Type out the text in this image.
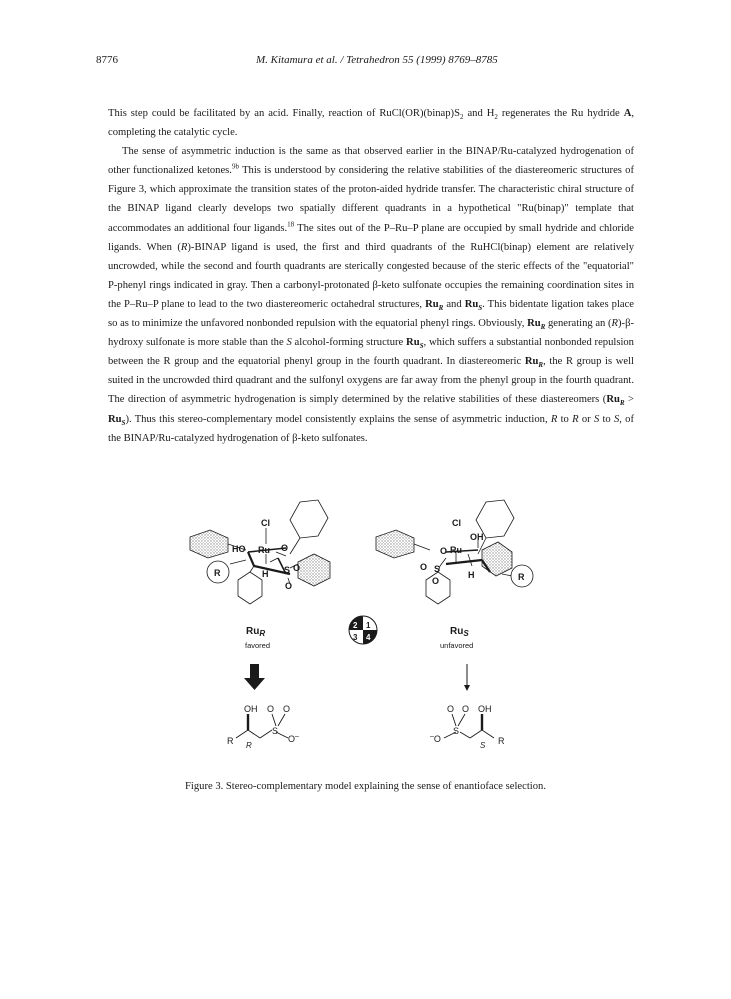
8776	M. Kitamura et al. / Tetrahedron 55 (1999) 8769–8785

This step could be facilitated by an acid. Finally, reaction of $RuCl(OR)(binap)S_2$ and $H_2$ regenerates the Ru hydride A, completing the catalytic cycle.

The sense of asymmetric induction is the same as that observed earlier in the BINAP/Ru-catalyzed hydrogenation of other functionalized ketones.$^{9b}$ This is understood by considering the relative stabilities of the diastereomeric structures of Figure 3, which approximate the transition states of the proton-aided hydride transfer. The characteristic chiral structure of the BINAP ligand clearly develops two spatially different quadrants in a hypothetical "Ru(binap)" template that accommodates an additional four ligands.$^{18}$ The sites out of the P–Ru–P plane are occupied by small hydride and chloride ligands. When (R)-BINAP ligand is used, the first and third quadrants of the RuHCl(binap) element are relatively uncrowded, while the second and fourth quadrants are sterically congested because of the steric effects of the "equatorial" P-phenyl rings indicated in gray. Then a carbonyl-protonated β-keto sulfonate occupies the remaining coordination sites in the P–Ru–P plane to lead to the two diastereomeric octahedral structures, $Ru_R$ and $Ru_S$. This bidentate ligation takes place so as to minimize the unfavored nonbonded repulsion with the equatorial phenyl rings. Obviously, $Ru_R$ generating an (R)-β-hydroxy sulfonate is more stable than the S alcohol-forming structure $Ru_S$, which suffers a substantial nonbonded repulsion between the R group and the equatorial phenyl group in the fourth quadrant. In diastereomeric $Ru_R$, the R group is well suited in the uncrowded third quadrant and the sulfonyl oxygens are far away from the phenyl group in the fourth quadrant. The direction of asymmetric hydrogenation is simply determined by the relative stabilities of these diastereomers $(Ru_R > Ru_S)$. Thus this stereo-complementary model consistently explains the sense of asymmetric induction, R to R or S to S, of the BINAP/Ru-catalyzed hydrogenation of β-keto sulfonates.

Cl
HO Ru O
S O
O
H
R
Cl
OH
O Ru
O S
O
H	R
$Ru_R$
favored
$Ru_S$
unfavored
2 1
3 4
OH O O
S
O–
R R
O O OH
S
–O	R
S
Figure 3. Stereo-complementary model explaining the sense of enantioface selection.
